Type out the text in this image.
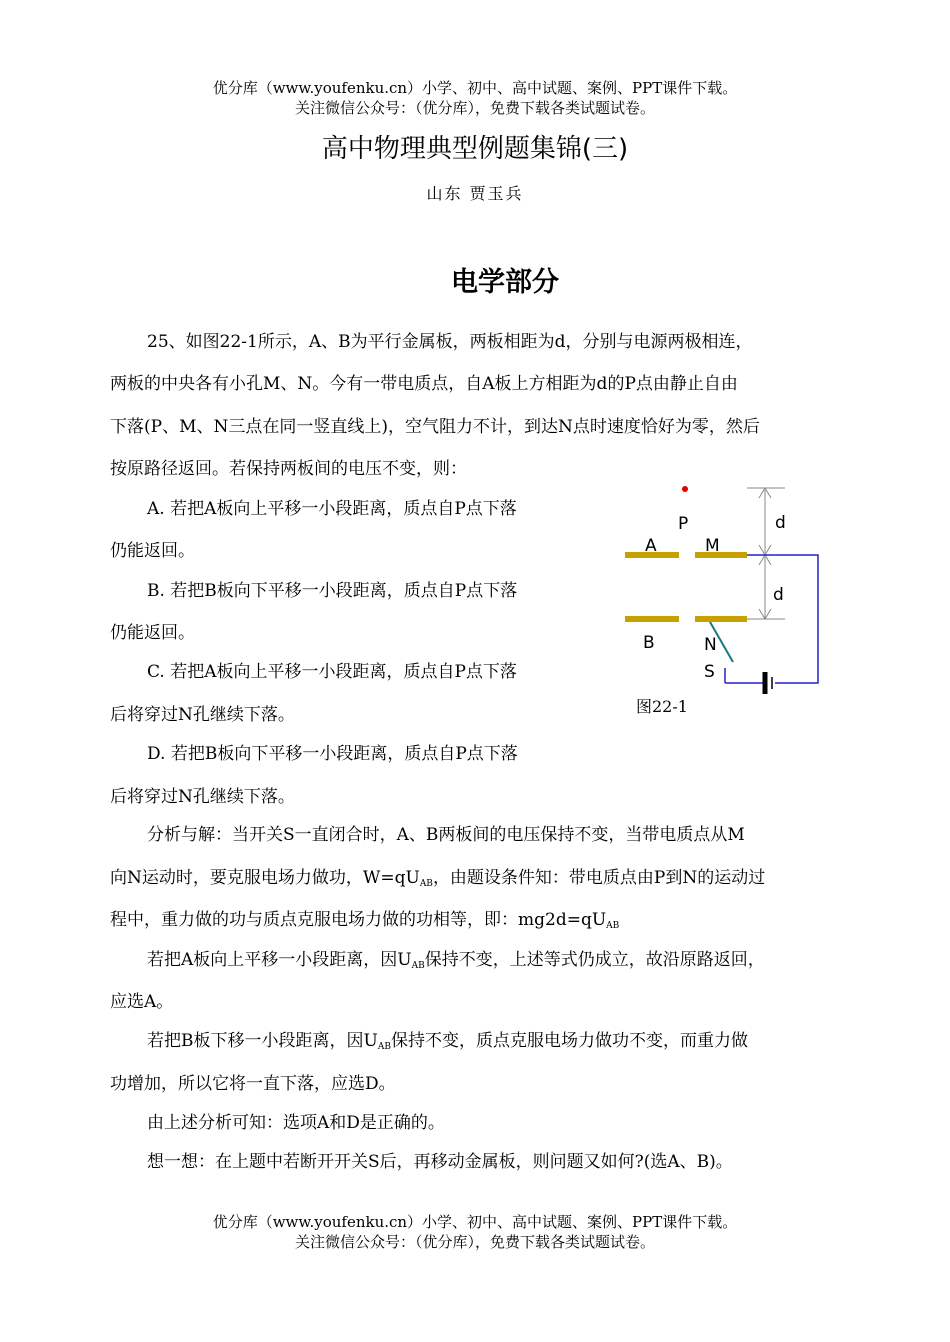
优分库（www.youfenku.cn）小学、初中、高中试题、案例、PPT课件下载。
关注微信公众号：（优分库），免费下载各类试题试卷。
高中物理典型例题集锦(三)
山东 贾玉兵
电学部分
25、如图22-1所示，A、B为平行金属板，两板相距为d，分别与电源两极相连，
两板的中央各有小孔M、N。今有一带电质点，自A板上方相距为d的P点由静止自由
下落(P、M、N三点在同一竖直线上)，空气阻力不计，到达N点时速度恰好为零，然后
按原路径返回。若保持两板间的电压不变，则：
A. 若把A板向上平移一小段距离，质点自P点下落
仍能返回。
B. 若把B板向下平移一小段距离，质点自P点下落
仍能返回。
C. 若把A板向上平移一小段距离，质点自P点下落
后将穿过N孔继续下落。
D. 若把B板向下平移一小段距离，质点自P点下落
后将穿过N孔继续下落。
P
A	M
B	N
d
d
S
图22-1
分析与解：当开关S一直闭合时，A、B两板间的电压保持不变，当带电质点从M
向N运动时，要克服电场力做功，$W=qU_{AB}$，由题设条件知：带电质点由P到N的运动过
程中，重力做的功与质点克服电场力做的功相等，即：$mg2d=qU_{AB}$
若把A板向上平移一小段距离，因$U_{AB}$保持不变，上述等式仍成立，故沿原路返回，
应选A。
若把B板下移一小段距离，因$U_{AB}$保持不变，质点克服电场力做功不变，而重力做
功增加，所以它将一直下落，应选D。
由上述分析可知：选项A和D是正确的。
想一想：在上题中若断开开关S后，再移动金属板，则问题又如何?(选A、B)。
优分库（www.youfenku.cn）小学、初中、高中试题、案例、PPT课件下载。
关注微信公众号：（优分库），免费下载各类试题试卷。
